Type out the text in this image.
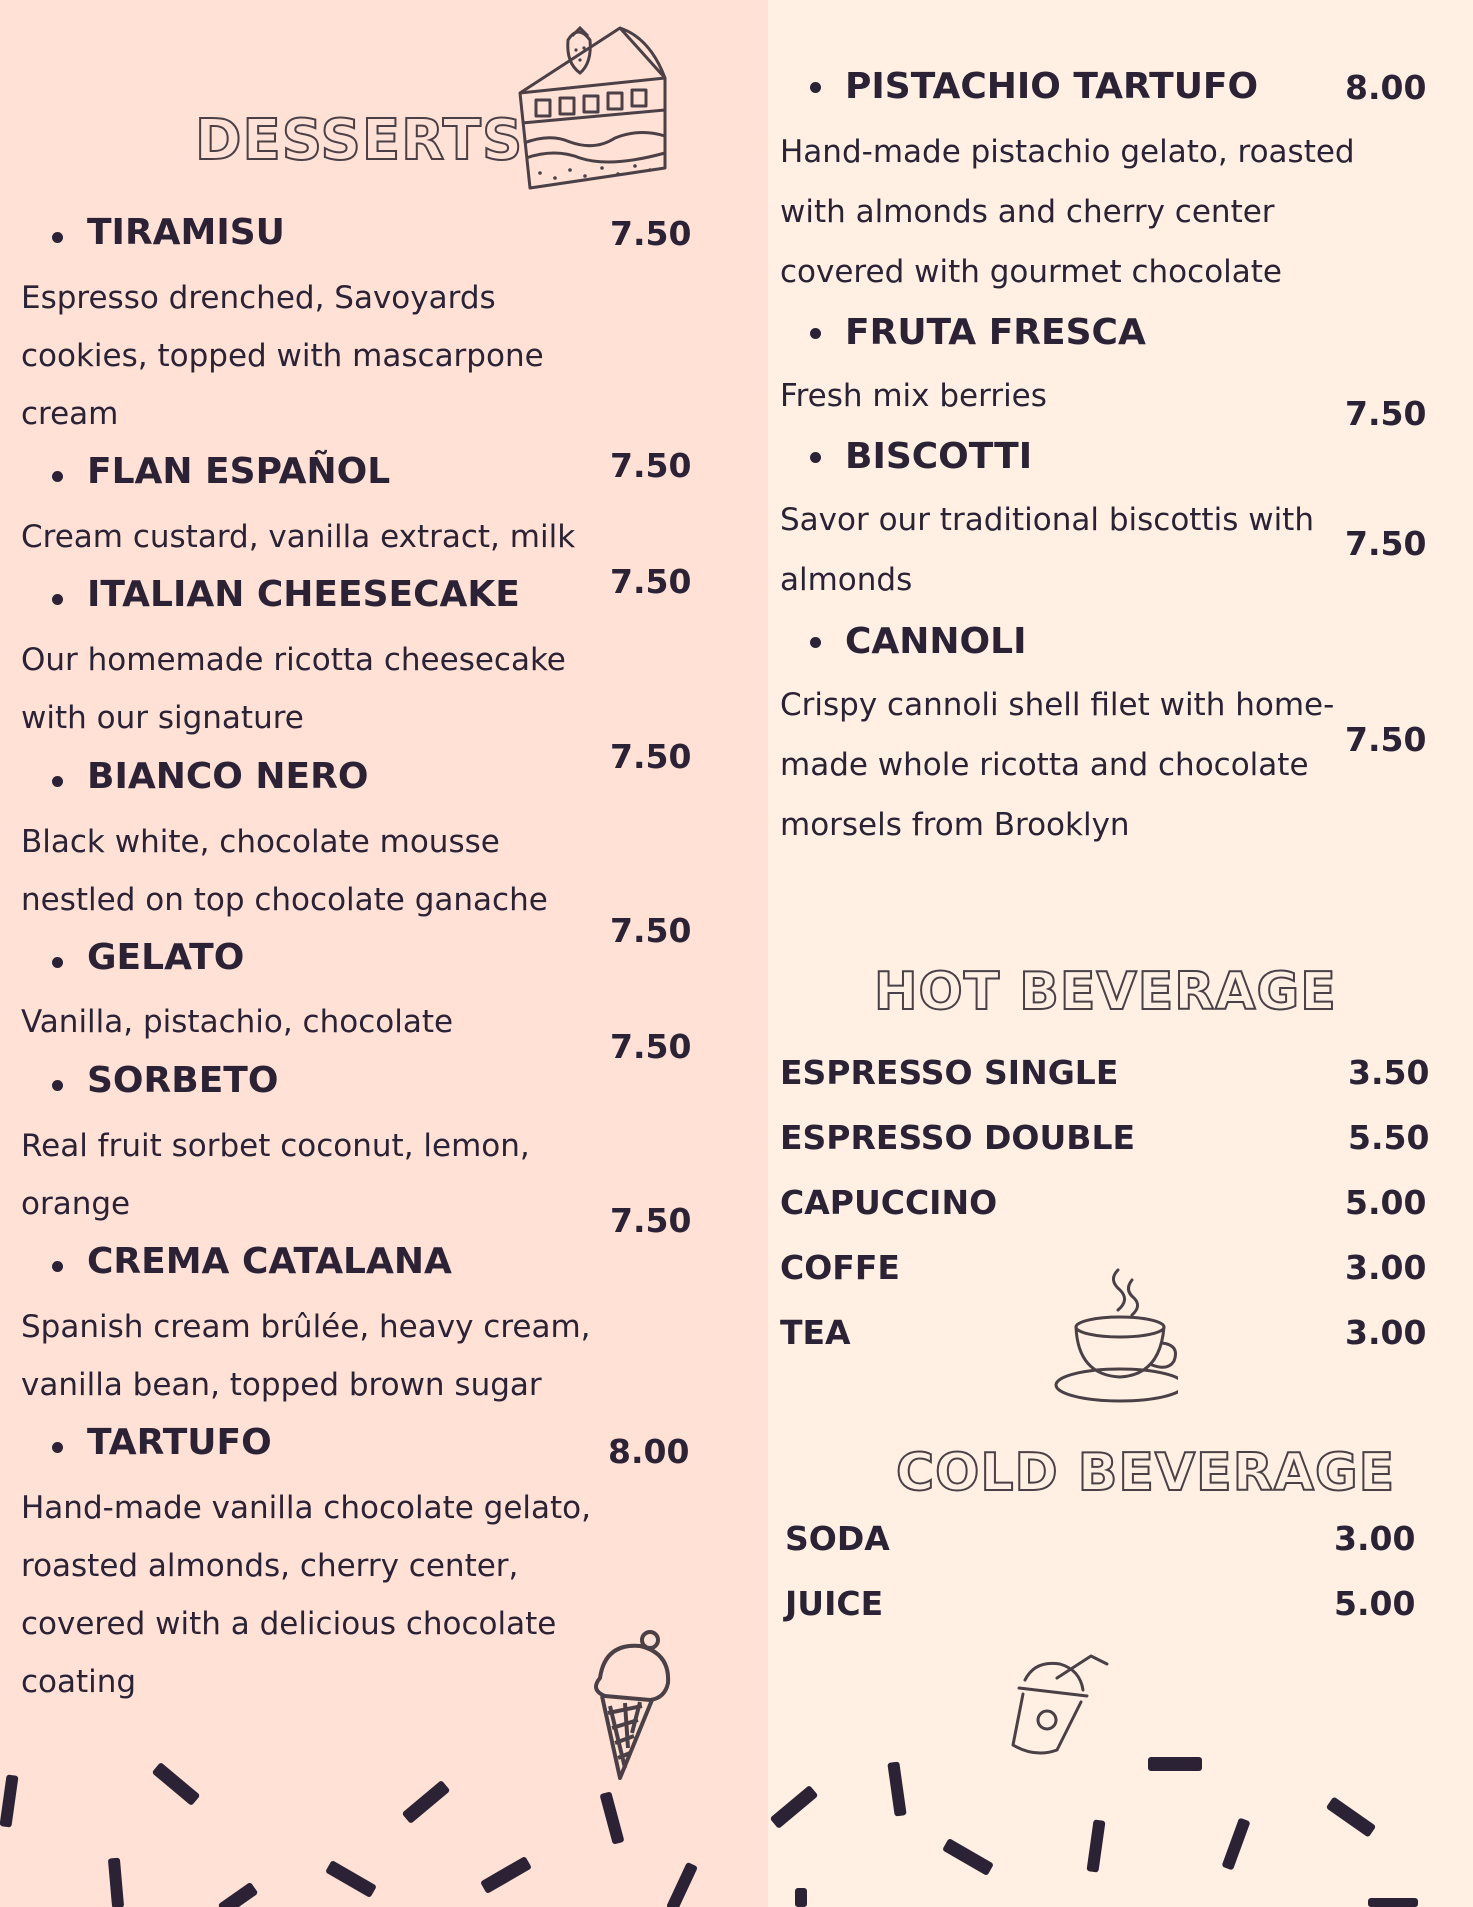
DESSERTS
TIRAMISU	7.50
Espresso drenched, Savoyards cookies, topped with mascarpone cream
FLAN ESPAÑOL	7.50
Cream custard, vanilla extract, milk
ITALIAN CHEESECAKE	7.50
Our homemade ricotta cheesecake with our signature
BIANCO NERO	7.50
Black white, chocolate mousse nestled on top chocolate ganache
GELATO
7.50
Vanilla, pistachio, chocolate
SORBETO
7.50
Real fruit sorbet coconut, lemon, orange
CREMA CATALANA
7.50
Spanish cream brûlée, heavy cream, vanilla bean, topped brown sugar
TARTUFO	8.00
Hand-made vanilla chocolate gelato, roasted almonds, cherry center, covered with a delicious chocolate coating
PISTACHIO TARTUFO	8.00
Hand-made pistachio gelato, roasted with almonds and cherry center covered with gourmet chocolate
FRUTA FRESCA
7.50
Fresh mix berries
BISCOTTI
7.50
Savor our traditional biscottis with almonds
CANNOLI
7.50
Crispy cannoli shell filet with home-made whole ricotta and chocolate morsels from Brooklyn
HOT BEVERAGE
ESPRESSO SINGLE	3.50
ESPRESSO DOUBLE	5.50
CAPUCCINO	5.00
COFFE	3.00
TEA	3.00
COLD BEVERAGE
SODA	3.00
JUICE	5.00
